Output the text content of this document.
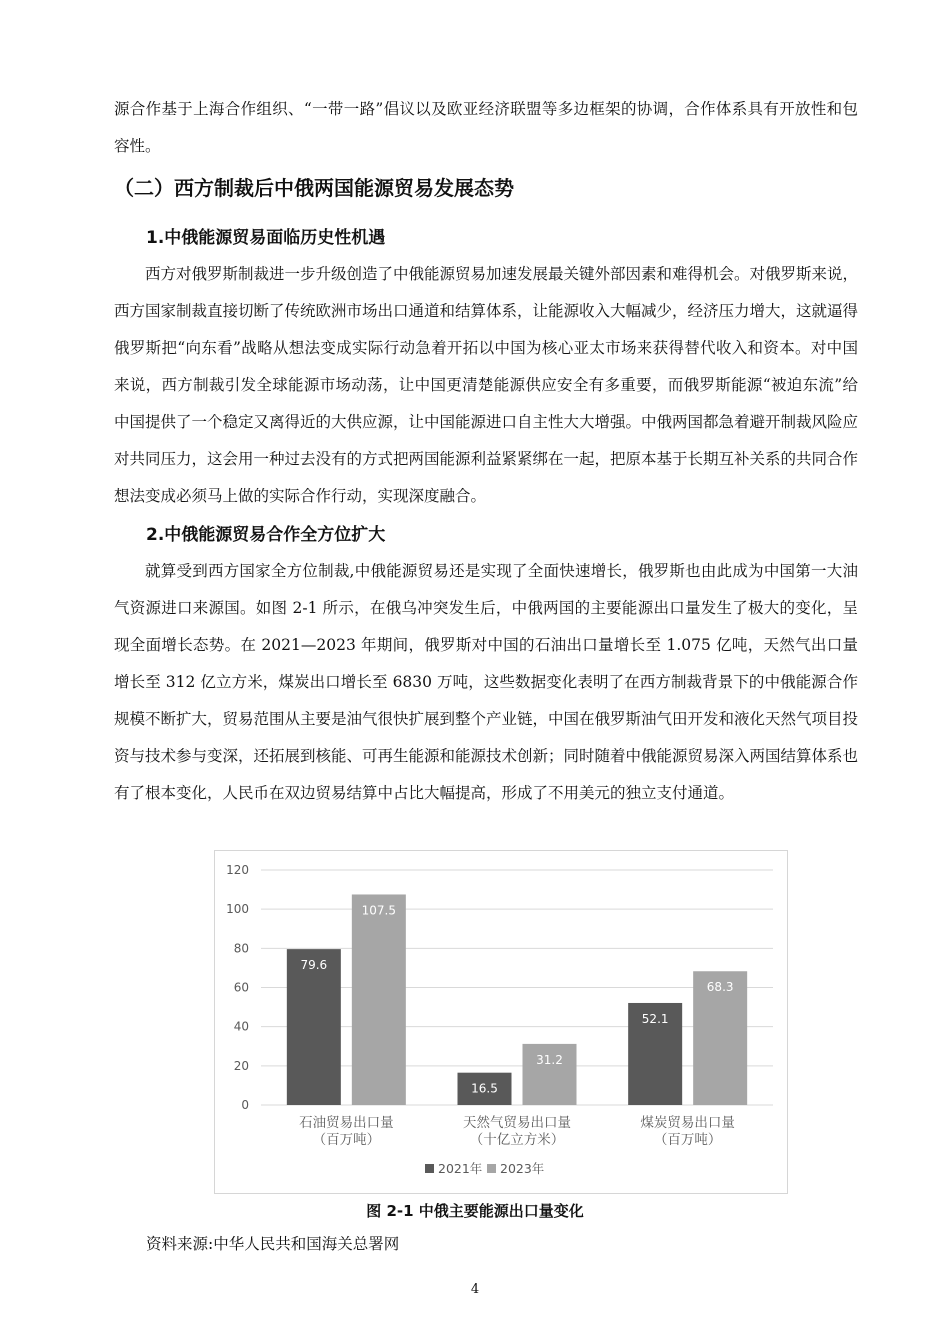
源合作基于上海合作组织、“一带一路”倡议以及欧亚经济联盟等多边框架的协调，合作体系具有开放性和包容性。

（二）西方制裁后中俄两国能源贸易发展态势
1.中俄能源贸易面临历史性机遇

西方对俄罗斯制裁进一步升级创造了中俄能源贸易加速发展最关键外部因素和难得机会。对俄罗斯来说，西方国家制裁直接切断了传统欧洲市场出口通道和结算体系，让能源收入大幅减少，经济压力增大，这就逼得俄罗斯把“向东看”战略从想法变成实际行动急着开拓以中国为核心亚太市场来获得替代收入和资本。对中国来说，西方制裁引发全球能源市场动荡，让中国更清楚能源供应安全有多重要，而俄罗斯能源“被迫东流”给中国提供了一个稳定又离得近的大供应源，让中国能源进口自主性大大增强。中俄两国都急着避开制裁风险应对共同压力，这会用一种过去没有的方式把两国能源利益紧紧绑在一起，把原本基于长期互补关系的共同合作想法变成必须马上做的实际合作行动，实现深度融合。

2.中俄能源贸易合作全方位扩大

就算受到西方国家全方位制裁,中俄能源贸易还是实现了全面快速增长，俄罗斯也由此成为中国第一大油气资源进口来源国。如图 2-1 所示，在俄乌冲突发生后，中俄两国的主要能源出口量发生了极大的变化，呈现全面增长态势。在 2021—2023 年期间，俄罗斯对中国的石油出口量增长至 1.075 亿吨，天然气出口量增长至 312 亿立方米，煤炭出口增长至 6830 万吨，这些数据变化表明了在西方制裁背景下的中俄能源合作规模不断扩大，贸易范围从主要是油气很快扩展到整个产业链，中国在俄罗斯油气田开发和液化天然气项目投资与技术参与变深，还拓展到核能、可再生能源和能源技术创新；同时随着中俄能源贸易深入两国结算体系也有了根本变化，人民币在双边贸易结算中占比大幅提高，形成了不用美元的独立支付通道。

0
20
40
60
80
100
120
79.6
107.5
石油贸易出口量
（百万吨）
16.5
31.2
天然气贸易出口量
（十亿立方米）
52.1
68.3
煤炭贸易出口量
（百万吨）
2021年 2023年
图 2-1 中俄主要能源出口量变化
资料来源:中华人民共和国海关总署网
4
